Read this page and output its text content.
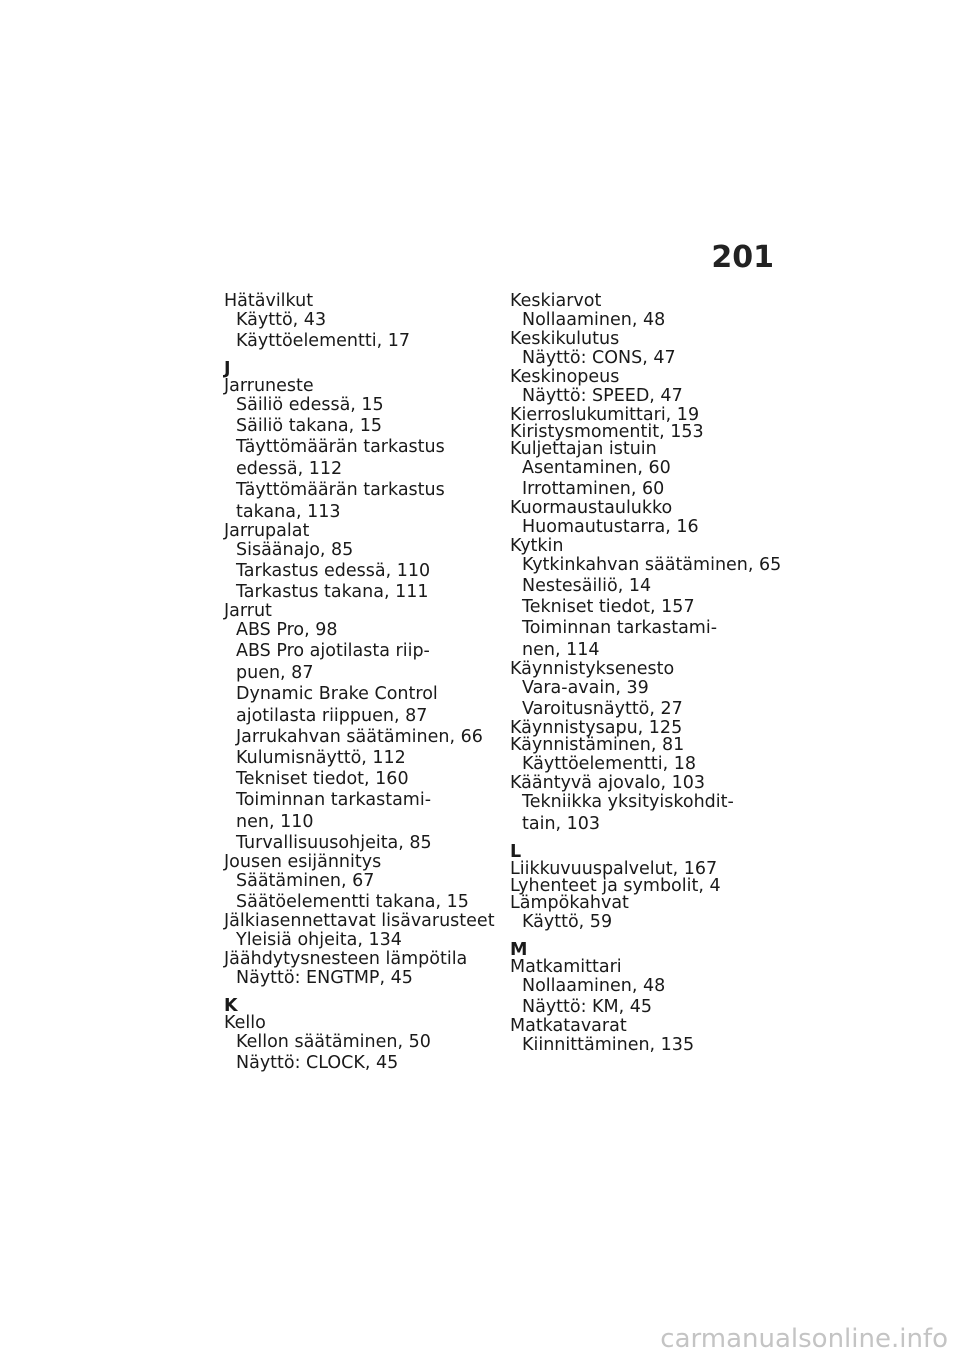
201
Hätävilkut
Käyttö, 43
Käyttöelementti, 17
J
Jarruneste
Säiliö edessä, 15
Säiliö takana, 15
Täyttömäärän tarkastus
edessä, 112
Täyttömäärän tarkastus
takana, 113
Jarrupalat
Sisäänajo, 85
Tarkastus edessä, 110
Tarkastus takana, 111
Jarrut
ABS Pro, 98
ABS Pro ajotilasta riip-
puen, 87
Dynamic Brake Control
ajotilasta riippuen, 87
Jarrukahvan säätäminen, 66
Kulumisnäyttö, 112
Tekniset tiedot, 160
Toiminnan tarkastami-
nen, 110
Turvallisuusohjeita, 85
Jousen esijännitys
Säätäminen, 67
Säätöelementti takana, 15
Jälkiasennettavat lisävarusteet
Yleisiä ohjeita, 134
Jäähdytysnesteen lämpötila
Näyttö: ENGTMP, 45
K
Kello
Kellon säätäminen, 50
Näyttö: CLOCK, 45
Keskiarvot
Nollaaminen, 48
Keskikulutus
Näyttö: CONS, 47
Keskinopeus
Näyttö: SPEED, 47
Kierroslukumittari, 19
Kiristysmomentit, 153
Kuljettajan istuin
Asentaminen, 60
Irrottaminen, 60
Kuormaustaulukko
Huomautustarra, 16
Kytkin
Kytkinkahvan säätäminen, 65
Nestesäiliö, 14
Tekniset tiedot, 157
Toiminnan tarkastami-
nen, 114
Käynnistyksenesto
Vara-avain, 39
Varoitusnäyttö, 27
Käynnistysapu, 125
Käynnistäminen, 81
Käyttöelementti, 18
Kääntyvä ajovalo, 103
Tekniikka yksityiskohdit-
tain, 103
L
Liikkuvuuspalvelut, 167
Lyhenteet ja symbolit, 4
Lämpökahvat
Käyttö, 59
M
Matkamittari
Nollaaminen, 48
Näyttö: KM, 45
Matkatavarat
Kiinnittäminen, 135
carmanualsonline.info
